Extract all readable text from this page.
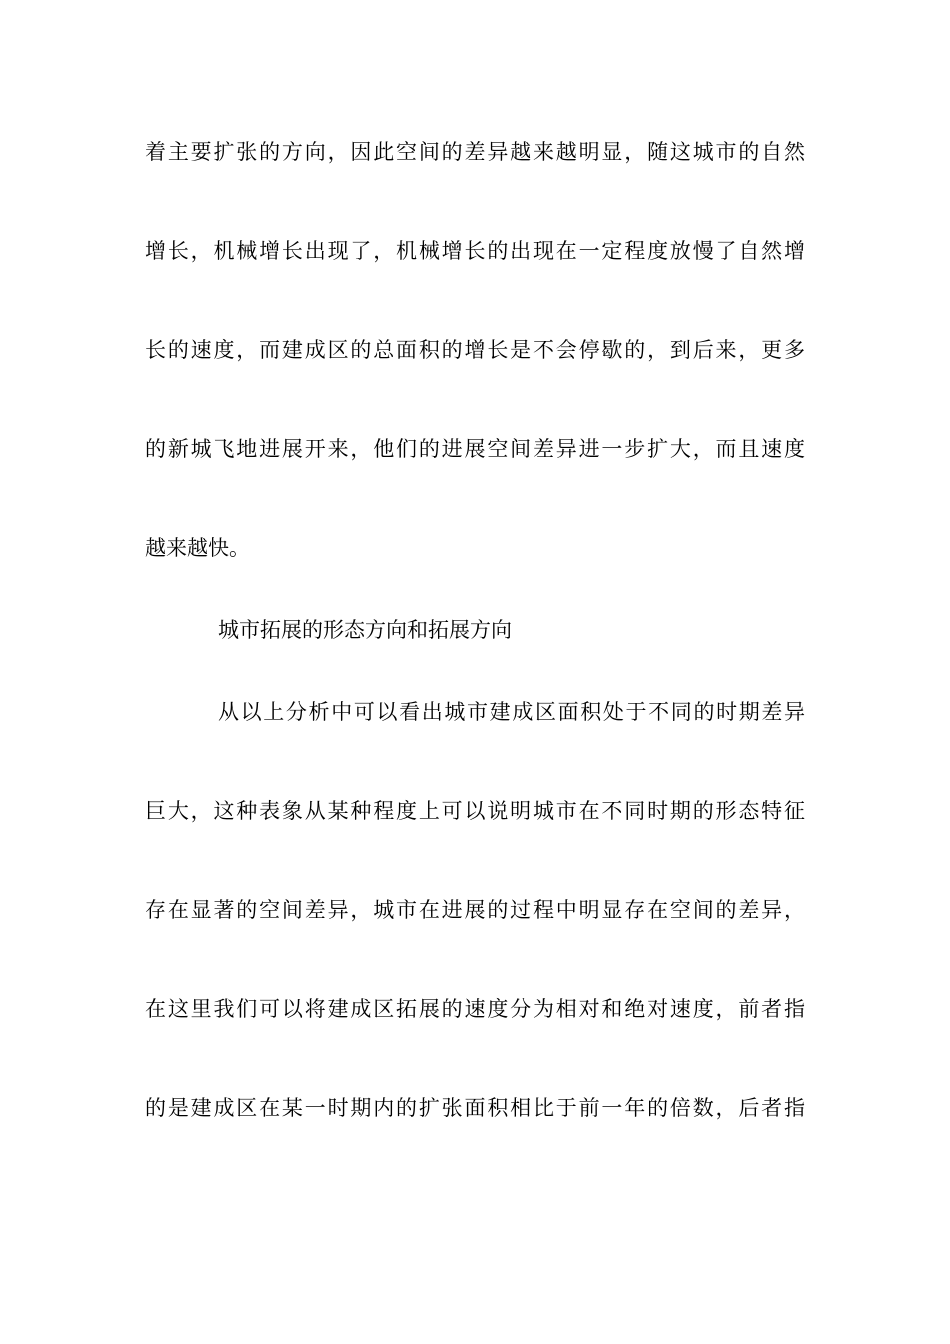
着主要扩张的方向，因此空间的差异越来越明显，随这城市的自然
增长，机械增长出现了，机械增长的出现在一定程度放慢了自然增
长的速度，而建成区的总面积的增长是不会停歇的，到后来，更多
的新城飞地进展开来，他们的进展空间差异进一步扩大，而且速度
越来越快。
城市拓展的形态方向和拓展方向
从以上分析中可以看出城市建成区面积处于不同的时期差异
巨大，这种表象从某种程度上可以说明城市在不同时期的形态特征
存在显著的空间差异，城市在进展的过程中明显存在空间的差异，
在这里我们可以将建成区拓展的速度分为相对和绝对速度，前者指
的是建成区在某一时期内的扩张面积相比于前一年的倍数，后者指
